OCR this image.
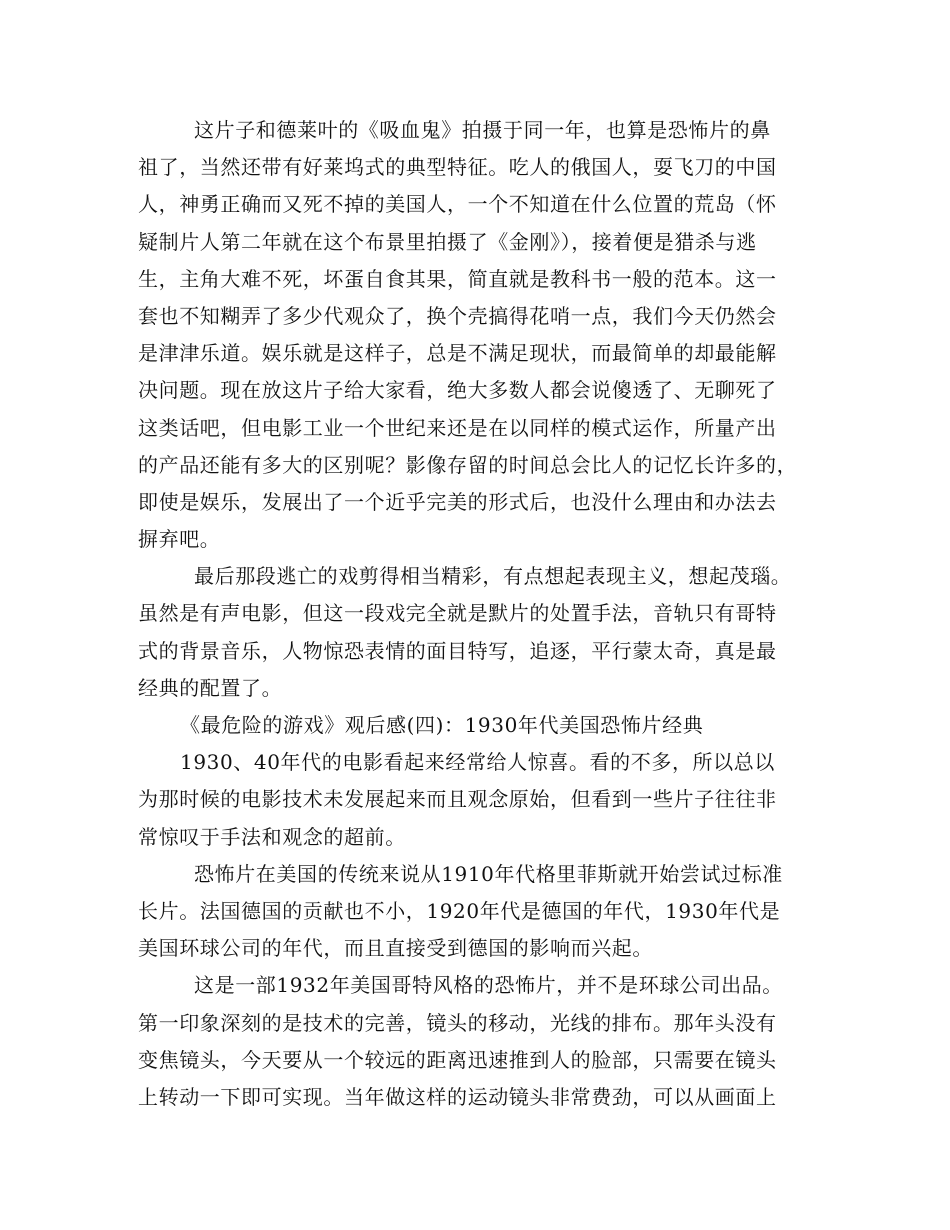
这片子和德莱叶的《吸血鬼》拍摄于同一年，也算是恐怖片的鼻
祖了，当然还带有好莱坞式的典型特征。吃人的俄国人，耍飞刀的中国
人，神勇正确而又死不掉的美国人，一个不知道在什么位置的荒岛（怀
疑制片人第二年就在这个布景里拍摄了《金刚》），接着便是猎杀与逃
生，主角大难不死，坏蛋自食其果，简直就是教科书一般的范本。这一
套也不知糊弄了多少代观众了，换个壳搞得花哨一点，我们今天仍然会
是津津乐道。娱乐就是这样子，总是不满足现状，而最简单的却最能解
决问题。现在放这片子给大家看，绝大多数人都会说傻透了、无聊死了
这类话吧，但电影工业一个世纪来还是在以同样的模式运作，所量产出
的产品还能有多大的区别呢？影像存留的时间总会比人的记忆长许多的，
即使是娱乐，发展出了一个近乎完美的形式后，也没什么理由和办法去
摒弃吧。
最后那段逃亡的戏剪得相当精彩，有点想起表现主义，想起茂瑙。
虽然是有声电影，但这一段戏完全就是默片的处置手法，音轨只有哥特
式的背景音乐，人物惊恐表情的面目特写，追逐，平行蒙太奇，真是最
经典的配置了。
《最危险的游戏》观后感(四)：1930年代美国恐怖片经典
1930、40年代的电影看起来经常给人惊喜。看的不多，所以总以
为那时候的电影技术未发展起来而且观念原始，但看到一些片子往往非
常惊叹于手法和观念的超前。
恐怖片在美国的传统来说从1910年代格里菲斯就开始尝试过标准
长片。法国德国的贡献也不小，1920年代是德国的年代，1930年代是
美国环球公司的年代，而且直接受到德国的影响而兴起。
这是一部1932年美国哥特风格的恐怖片，并不是环球公司出品。
第一印象深刻的是技术的完善，镜头的移动，光线的排布。那年头没有
变焦镜头，今天要从一个较远的距离迅速推到人的脸部，只需要在镜头
上转动一下即可实现。当年做这样的运动镜头非常费劲，可以从画面上
